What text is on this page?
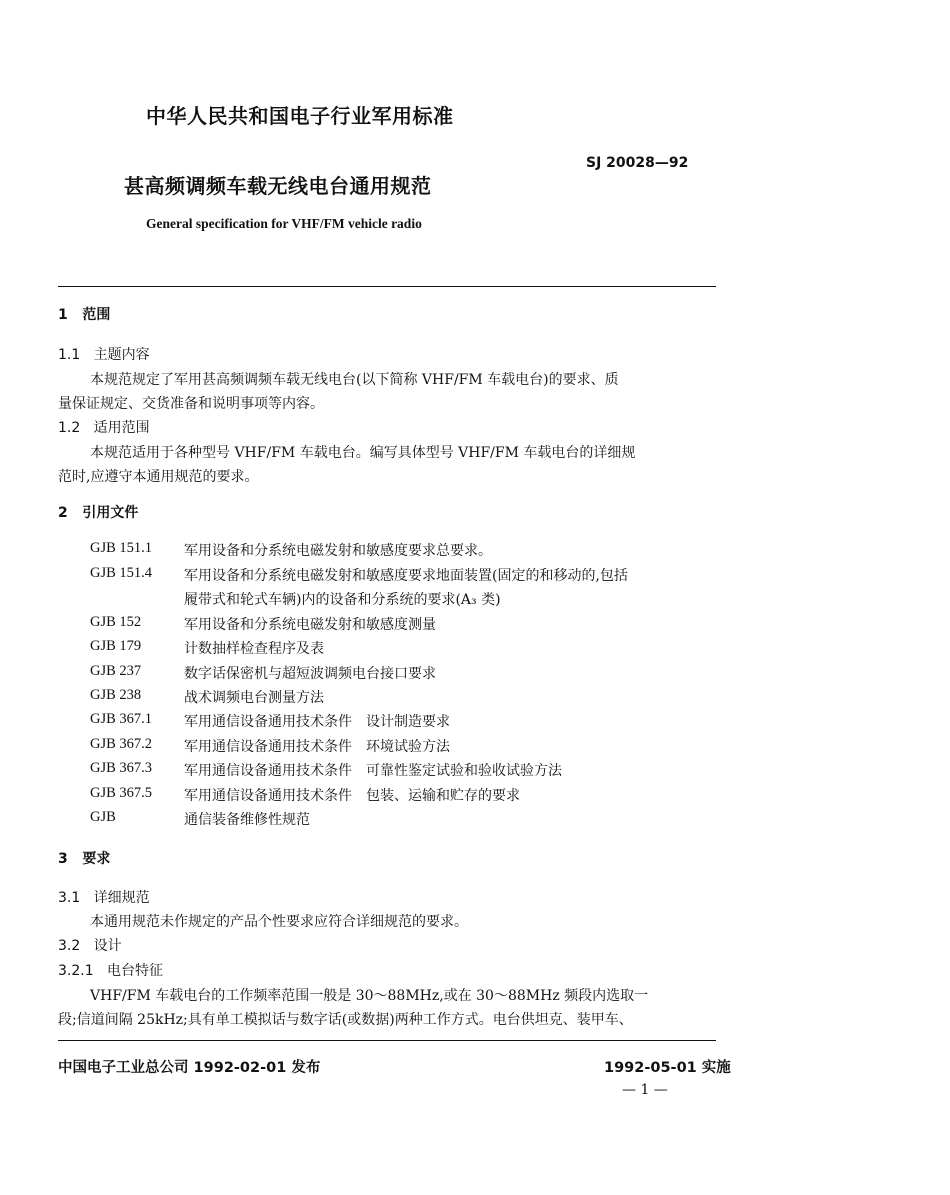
中华人民共和国电子行业军用标准
SJ 20028—92
甚高频调频车载无线电台通用规范
General specification for VHF/FM vehicle radio
1 范围
1.1 主题内容
本规范规定了军用甚高频调频车载无线电台(以下简称 VHF/FM 车载电台)的要求、质
量保证规定、交货准备和说明事项等内容。
1.2 适用范围
本规范适用于各种型号 VHF/FM 车载电台。编写具体型号 VHF/FM 车载电台的详细规
范时,应遵守本通用规范的要求。
2 引用文件
GJB 151.1 军用设备和分系统电磁发射和敏感度要求总要求。
GJB 151.4 军用设备和分系统电磁发射和敏感度要求地面装置(固定的和移动的,包括
履带式和轮式车辆)内的设备和分系统的要求(A₃ 类)
GJB 152	军用设备和分系统电磁发射和敏感度测量
GJB 179	计数抽样检查程序及表
GJB 237	数字话保密机与超短波调频电台接口要求
GJB 238	战术调频电台测量方法
GJB 367.1 军用通信设备通用技术条件　设计制造要求
GJB 367.2 军用通信设备通用技术条件　环境试验方法
GJB 367.3 军用通信设备通用技术条件　可靠性鉴定试验和验收试验方法
GJB 367.5 军用通信设备通用技术条件　包装、运输和贮存的要求
GJB	通信装备维修性规范
3 要求
3.1 详细规范
本通用规范未作规定的产品个性要求应符合详细规范的要求。
3.2 设计
3.2.1 电台特征
VHF/FM 车载电台的工作频率范围一般是 30～88MHz,或在 30～88MHz 频段内选取一
段;信道间隔 25kHz;具有单工模拟话与数字话(或数据)两种工作方式。电台供坦克、装甲车、
中国电子工业总公司 1992-02-01 发布	1992-05-01 实施
— 1 —
